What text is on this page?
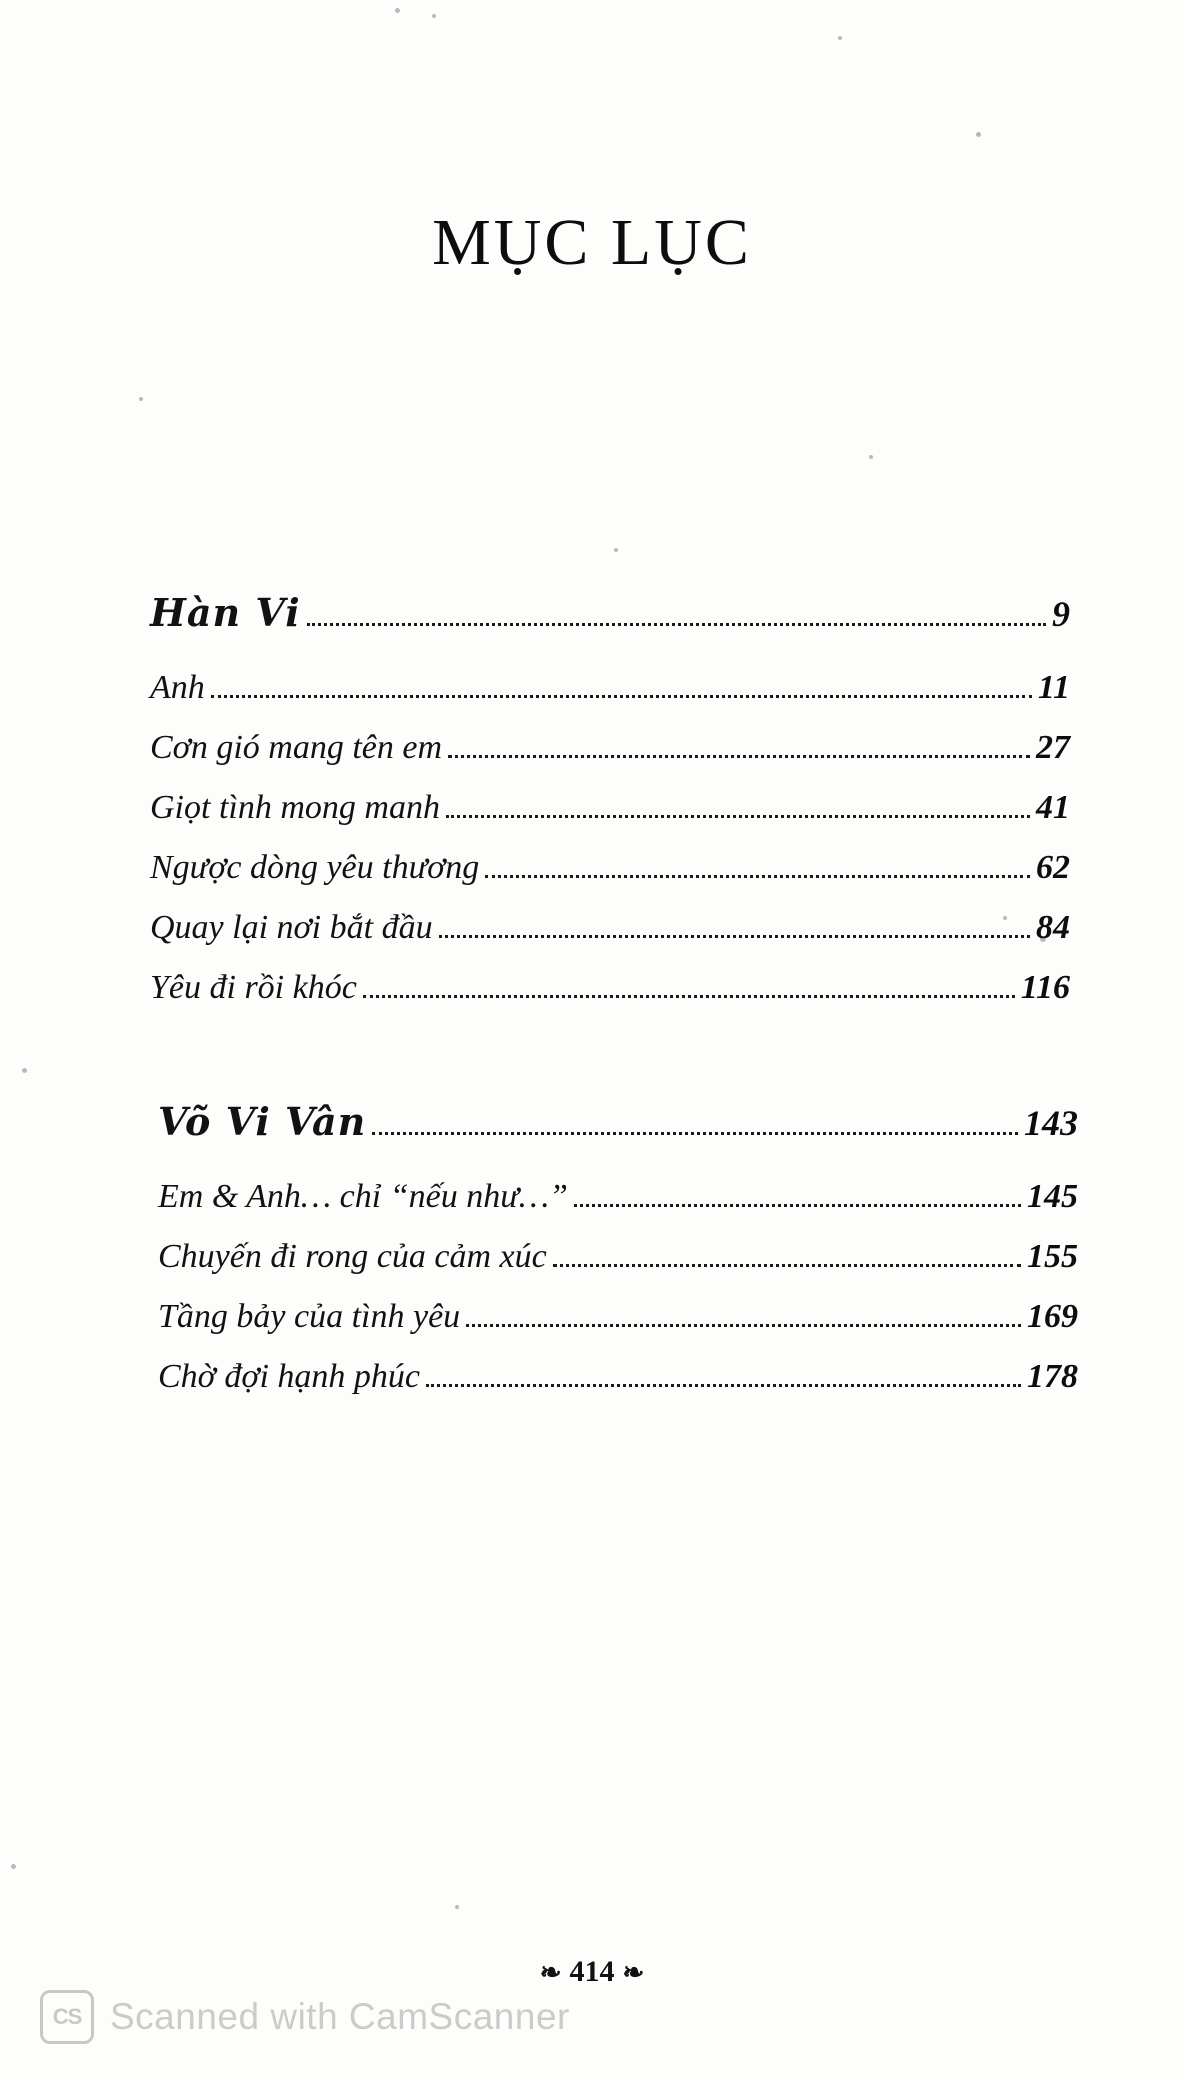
MỤC LỤC
Hàn Vi	9
Anh	11
Cơn gió mang tên em	27
Giọt tình mong manh	41
Ngược dòng yêu thương	62
Quay lại nơi bắt đầu	84
Yêu đi rồi khóc	116
Võ Vi Vân	143
Em & Anh… chỉ “nếu như…”	145
Chuyến đi rong của cảm xúc	155
Tầng bảy của tình yêu	169
Chờ đợi hạnh phúc	178
❧ 414 ❧
CS Scanned with CamScanner
